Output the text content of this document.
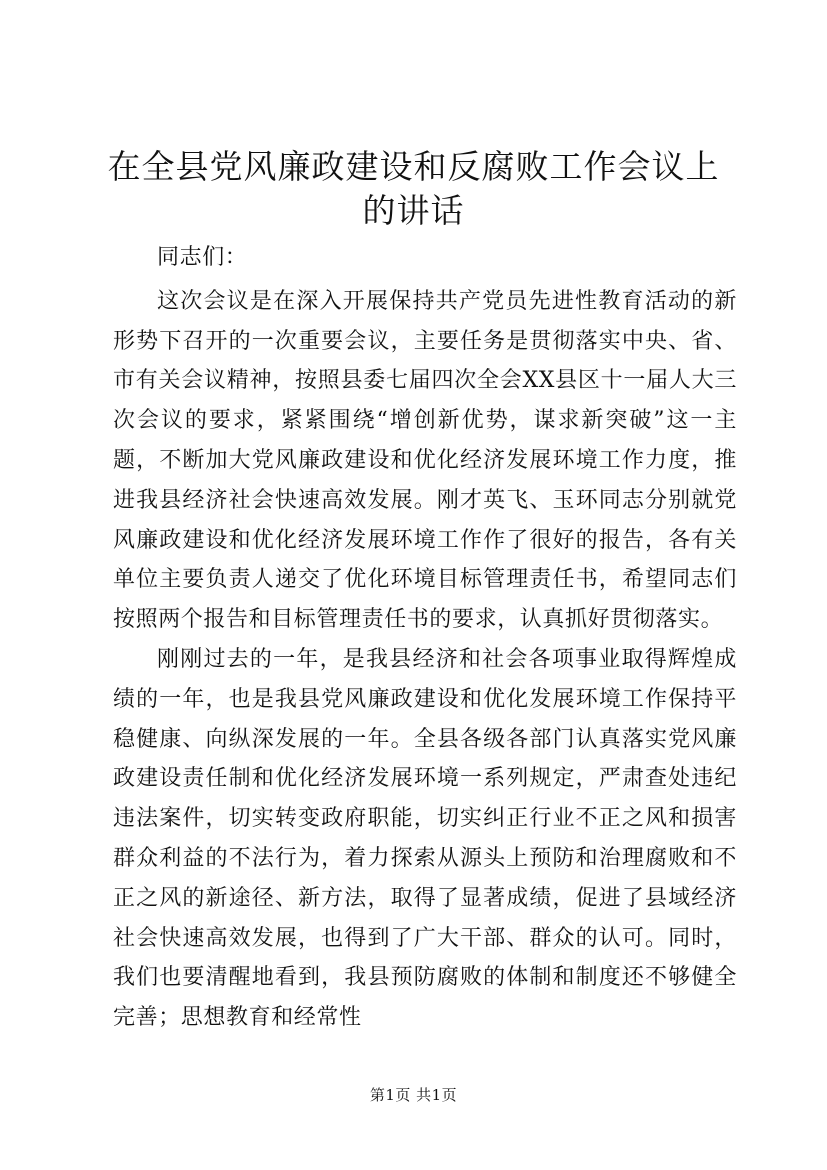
在全县党风廉政建设和反腐败工作会议上的讲话

同志们：

这次会议是在深入开展保持共产党员先进性教育活动的新形势下召开的一次重要会议，主要任务是贯彻落实中央、省、市有关会议精神，按照县委七届四次全会XX县区十一届人大三次会议的要求，紧紧围绕“增创新优势，谋求新突破”这一主题，不断加大党风廉政建设和优化经济发展环境工作力度，推进我县经济社会快速高效发展。刚才英飞、玉环同志分别就党风廉政建设和优化经济发展环境工作作了很好的报告，各有关单位主要负责人递交了优化环境目标管理责任书，希望同志们按照两个报告和目标管理责任书的要求，认真抓好贯彻落实。

刚刚过去的一年，是我县经济和社会各项事业取得辉煌成绩的一年，也是我县党风廉政建设和优化发展环境工作保持平稳健康、向纵深发展的一年。全县各级各部门认真落实党风廉政建设责任制和优化经济发展环境一系列规定，严肃查处违纪违法案件，切实转变政府职能，切实纠正行业不正之风和损害群众利益的不法行为，着力探索从源头上预防和治理腐败和不正之风的新途径、新方法，取得了显著成绩，促进了县域经济社会快速高效发展，也得到了广大干部、群众的认可。同时，我们也要清醒地看到，我县预防腐败的体制和制度还不够健全完善；思想教育和经常性

第1页 共1页
